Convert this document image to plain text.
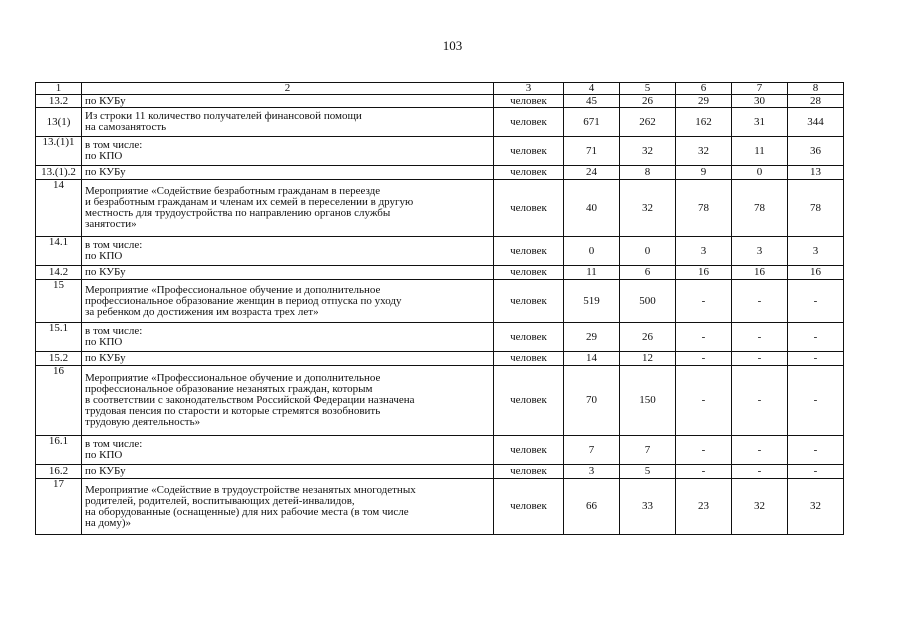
103
1	2	3	4	5	6	7	8
13.2	по КУБу	человек	45	26	29	30	28
13(1)	Из строки 11 количество получателей финансовой помощи
на самозанятость	человек	671	262	162	31	344
13.(1)1	в том числе:
по КПО	человек	71	32	32	11	36
13.(1).2	по КУБу	человек	24	8	9	0	13
14	Мероприятие «Содействие безработным гражданам в переезде
и безработным гражданам и членам их семей в переселении в другую
местность для трудоустройства по направлению органов службы
занятости»	человек	40	32	78	78	78
14.1	в том числе:
по КПО	человек	0	0	3	3	3
14.2	по КУБу	человек	11	6	16	16	16
15	Мероприятие «Профессиональное обучение и дополнительное
профессиональное образование женщин в период отпуска по уходу
за ребенком до достижения им возраста трех лет»	человек	519	500	-	-	-
15.1	в том числе:
по КПО	человек	29	26	-	-	-
15.2	по КУБу	человек	14	12	-	-	-
16	Мероприятие «Профессиональное обучение и дополнительное
профессиональное образование незанятых граждан, которым
в соответствии с законодательством Российской Федерации назначена
трудовая пенсия по старости и которые стремятся возобновить
трудовую деятельность»	человек	70	150	-	-	-
16.1	в том числе:
по КПО	человек	7	7	-	-	-
16.2	по КУБу	человек	3	5	-	-	-
17	Мероприятие «Содействие в трудоустройстве незанятых многодетных
родителей, родителей, воспитывающих детей-инвалидов,
на оборудованные (оснащенные) для них рабочие места (в том числе
на дому)»	человек	66	33	23	32	32
